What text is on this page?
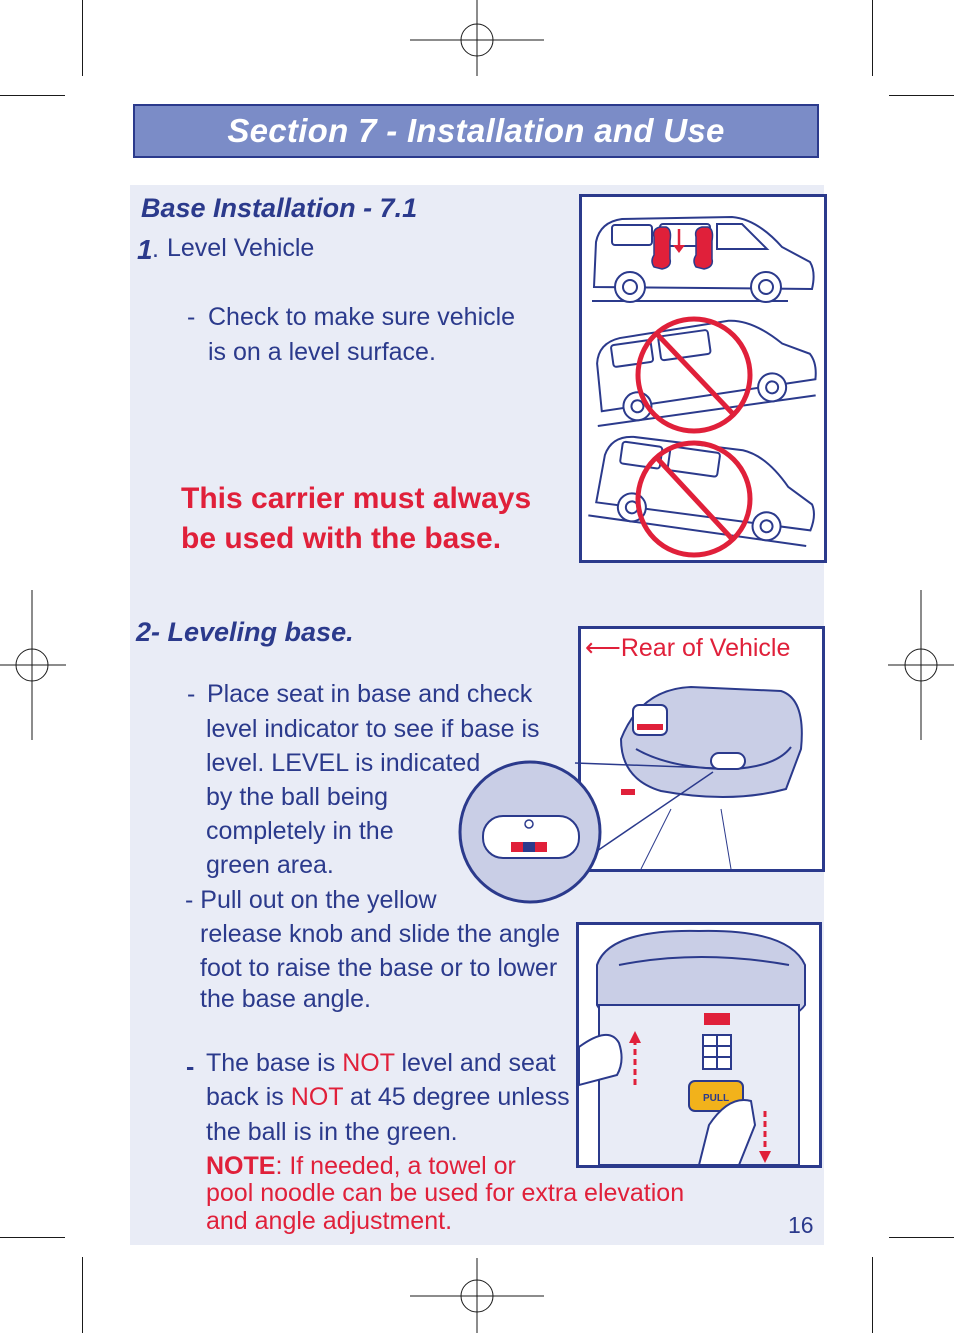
Section 7 - Installation and Use
Base Installation - 7.1
1 . Level Vehicle
- Check to make sure vehicle
is on a level surface.
This carrier must always
be used with the base.
2- Leveling base.
- Place seat in base and check
level indicator to see if base is
level. LEVEL is indicated
by the ball being
completely in the
green area.
- Pull out on the yellow
release knob and slide the angle
foot to raise the base or to lower
the base angle.
- The base is NOT level and seat
back is NOT at 45 degree unless
the ball is in the green.
NOTE: If needed, a towel or
pool noodle can be used for extra elevation
and angle adjustment.	16
⟵Rear of Vehicle
PULL
